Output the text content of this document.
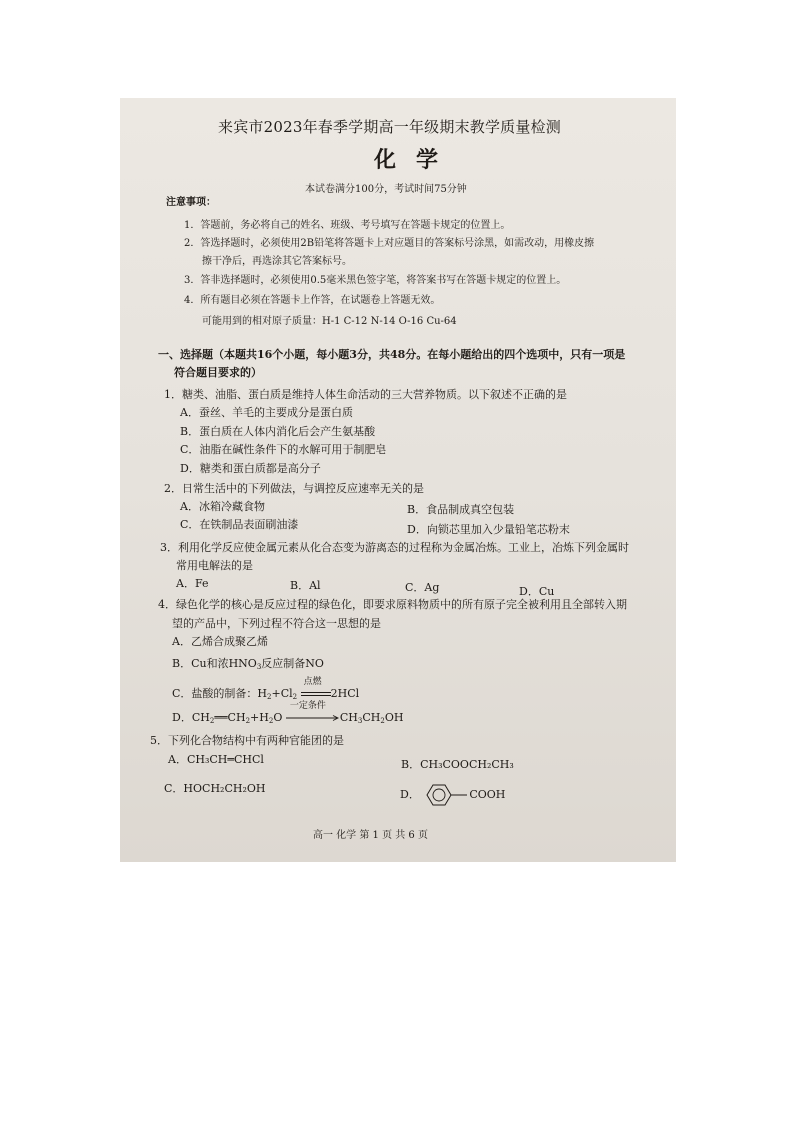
来宾市2023年春季学期高一年级期末教学质量检测
化学
本试卷满分100分，考试时间75分钟
注意事项：
1．答题前，务必将自己的姓名、班级、考号填写在答题卡规定的位置上。
2．答选择题时，必须使用2B铅笔将答题卡上对应题目的答案标号涂黑，如需改动，用橡皮擦
擦干净后，再选涂其它答案标号。
3．答非选择题时，必须使用0.5毫米黑色签字笔，将答案书写在答题卡规定的位置上。
4．所有题目必须在答题卡上作答，在试题卷上答题无效。
可能用到的相对原子质量：H-1 C-12 N-14 O-16 Cu-64
一、选择题（本题共16个小题，每小题3分，共48分。在每小题给出的四个选项中，只有一项是
符合题目要求的）
1．糖类、油脂、蛋白质是维持人体生命活动的三大营养物质。以下叙述不正确的是
A．蚕丝、羊毛的主要成分是蛋白质
B．蛋白质在人体内消化后会产生氨基酸
C．油脂在碱性条件下的水解可用于制肥皂
D．糖类和蛋白质都是高分子
2．日常生活中的下列做法，与调控反应速率无关的是
A．冰箱冷藏食物	B．食品制成真空包装
C．在铁制品表面刷油漆	D．向锁芯里加入少量铅笔芯粉末
3．利用化学反应使金属元素从化合态变为游离态的过程称为金属冶炼。工业上，冶炼下列金属时
常用电解法的是
A．Fe	B．Al	C．Ag	D．Cu
4．绿色化学的核心是反应过程的绿色化，即要求原料物质中的所有原子完全被利用且全部转入期
望的产品中，下列过程不符合这一思想的是
A．乙烯合成聚乙烯
B．Cu和浓$HNO_3$反应制备NO
C．盐酸的制备：$H_2+Cl_2$
点燃
2HCl
D．$CH_2══CH_2+H_2O$
一定条件
$CH_3CH_2OH$
5．下列化合物结构中有两种官能团的是
A．CH₃CH═CHCl	B．CH₃COOCH₂CH₃
C．HOCH₂CH₂OH	D．	COOH
高一 化学 第 1 页 共 6 页
